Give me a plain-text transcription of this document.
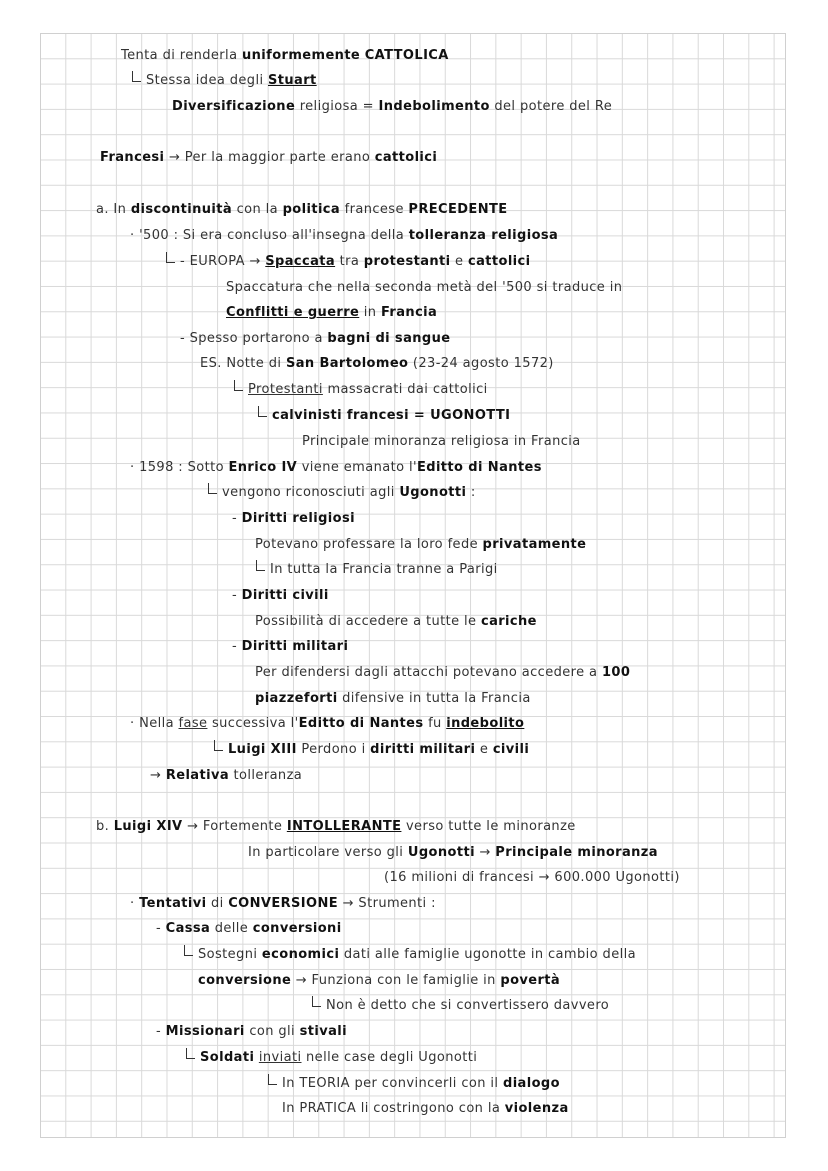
Tenta di renderla uniformemente CATTOLICA
Stessa idea degli Stuart
Diversificazione religiosa = Indebolimento del potere del Re
Francesi → Per la maggior parte erano cattolici
a. In discontinuità con la politica francese PRECEDENTE
· '500 : Si era concluso all'insegna della tolleranza religiosa
- EUROPA → Spaccata tra protestanti e cattolici
Spaccatura che nella seconda metà del '500 si traduce in
Conflitti e guerre in Francia
- Spesso portarono a bagni di sangue
ES. Notte di San Bartolomeo (23-24 agosto 1572)
Protestanti massacrati dai cattolici
calvinisti francesi = UGONOTTI
Principale minoranza religiosa in Francia
· 1598 : Sotto Enrico IV viene emanato l'Editto di Nantes
vengono riconosciuti agli Ugonotti :
- Diritti religiosi
Potevano professare la loro fede privatamente
In tutta la Francia tranne a Parigi
- Diritti civili
Possibilità di accedere a tutte le cariche
- Diritti militari
Per difendersi dagli attacchi potevano accedere a 100
piazzeforti difensive in tutta la Francia
· Nella fase successiva l'Editto di Nantes fu indebolito
Luigi XIII Perdono i diritti militari e civili
→ Relativa tolleranza
b. Luigi XIV → Fortemente INTOLLERANTE verso tutte le minoranze
In particolare verso gli Ugonotti → Principale minoranza
(16 milioni di francesi → 600.000 Ugonotti)
· Tentativi di CONVERSIONE → Strumenti :
- Cassa delle conversioni
Sostegni economici dati alle famiglie ugonotte in cambio della
conversione → Funziona con le famiglie in povertà
Non è detto che si convertissero davvero
- Missionari con gli stivali
Soldati inviati nelle case degli Ugonotti
In TEORIA per convincerli con il dialogo
In PRATICA li costringono con la violenza
